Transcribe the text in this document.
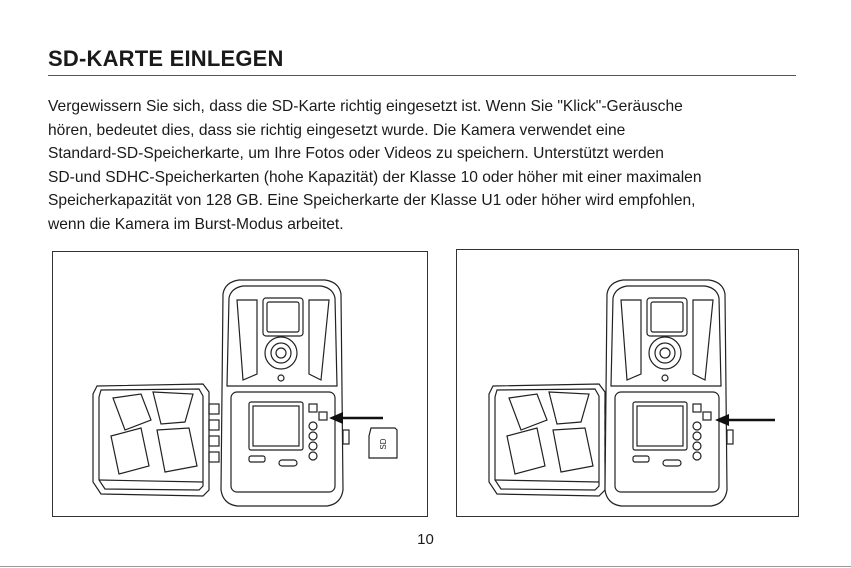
SD-KARTE EINLEGEN

Vergewissern Sie sich, dass die SD-Karte richtig eingesetzt ist. Wenn Sie "Klick"-Geräusche
hören, bedeutet dies, dass sie richtig eingesetzt wurde. Die Kamera verwendet eine
Standard-SD-Speicherkarte, um Ihre Fotos oder Videos zu speichern. Unterstützt werden
SD-und SDHC-Speicherkarten (hohe Kapazität) der Klasse 10 oder höher mit einer maximalen
Speicherkapazität von 128 GB. Eine Speicherkarte der Klasse U1 oder höher wird empfohlen,
wenn die Kamera im Burst-Modus arbeitet.

SD
10
